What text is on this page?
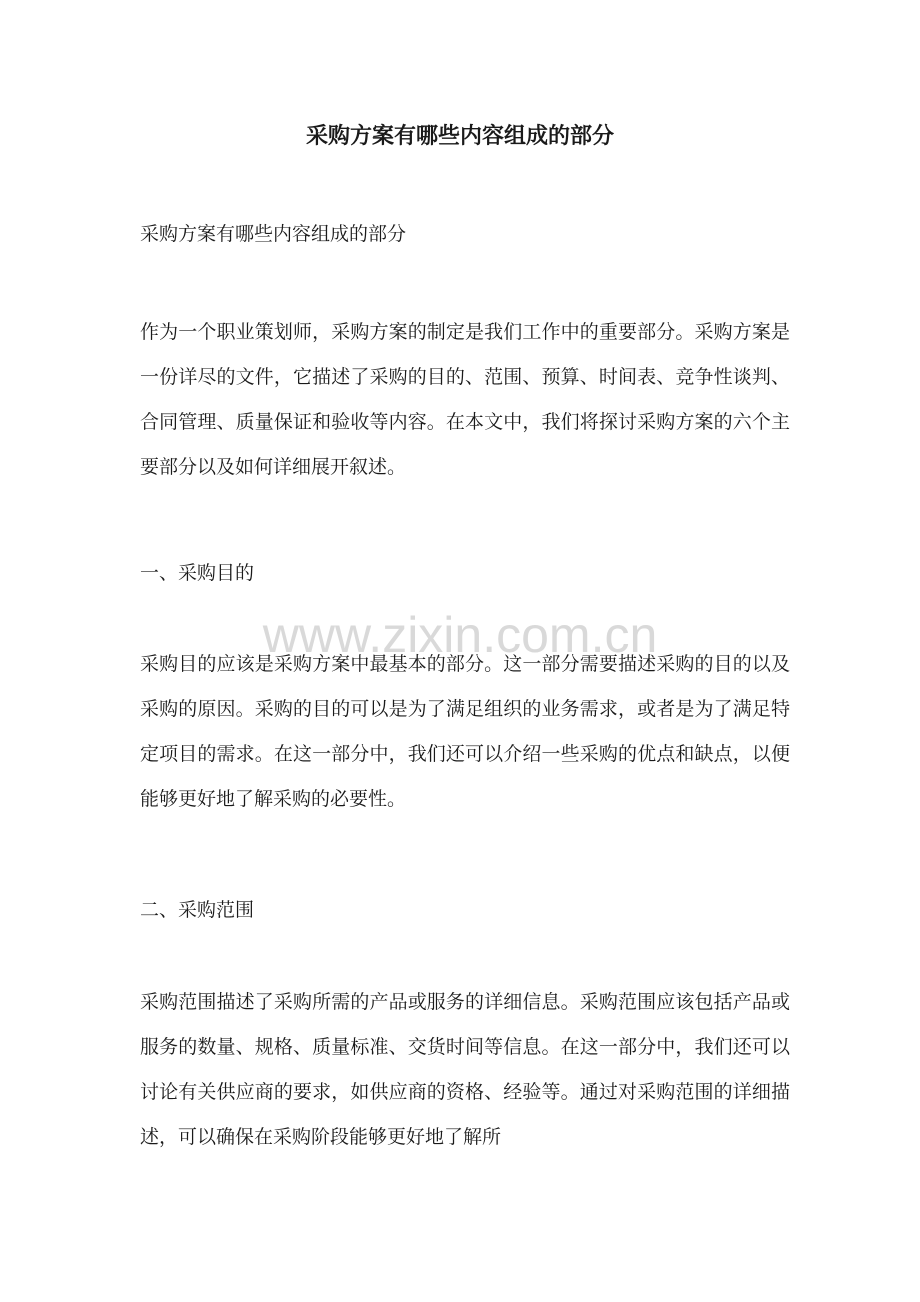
采购方案有哪些内容组成的部分

采购方案有哪些内容组成的部分

作为一个职业策划师，采购方案的制定是我们工作中的重要部分。采购方案是一份详尽的文件，它描述了采购的目的、范围、预算、时间表、竞争性谈判、合同管理、质量保证和验收等内容。在本文中，我们将探讨采购方案的六个主要部分以及如何详细展开叙述。

一、采购目的

采购目的应该是采购方案中最基本的部分。这一部分需要描述采购的目的以及采购的原因。采购的目的可以是为了满足组织的业务需求，或者是为了满足特定项目的需求。在这一部分中，我们还可以介绍一些采购的优点和缺点，以便能够更好地了解采购的必要性。

二、采购范围

采购范围描述了采购所需的产品或服务的详细信息。采购范围应该包括产品或服务的数量、规格、质量标准、交货时间等信息。在这一部分中，我们还可以讨论有关供应商的要求，如供应商的资格、经验等。通过对采购范围的详细描述，可以确保在采购阶段能够更好地了解所

www.zixin.com.cn
